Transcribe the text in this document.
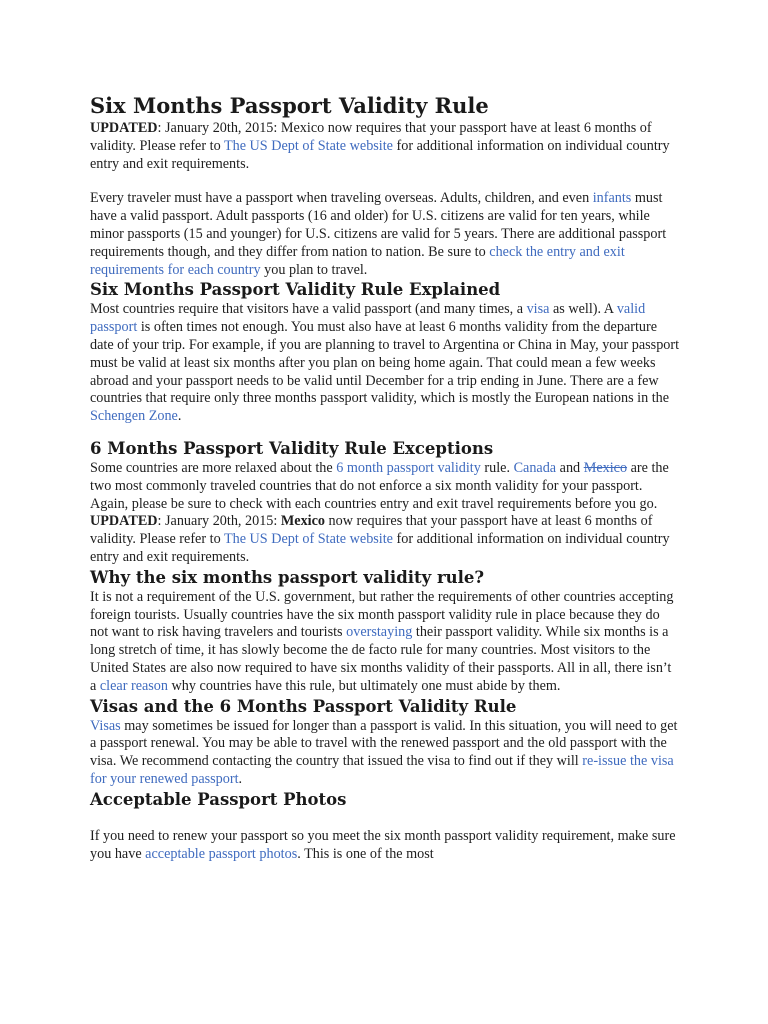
Six Months Passport Validity Rule

UPDATED: January 20th, 2015: Mexico now requires that your passport have at least 6 months of validity. Please refer to The US Dept of State website for additional information on individual country entry and exit requirements.

Every traveler must have a passport when traveling overseas. Adults, children, and even infants must have a valid passport. Adult passports (16 and older) for U.S. citizens are valid for ten years, while minor passports (15 and younger) for U.S. citizens are valid for 5 years. There are additional passport requirements though, and they differ from nation to nation. Be sure to check the entry and exit requirements for each country you plan to travel.

Six Months Passport Validity Rule Explained

Most countries require that visitors have a valid passport (and many times, a visa as well). A valid passport is often times not enough. You must also have at least 6 months validity from the departure date of your trip. For example, if you are planning to travel to Argentina or China in May, your passport must be valid at least six months after you plan on being home again. That could mean a few weeks abroad and your passport needs to be valid until December for a trip ending in June. There are a few countries that require only three months passport validity, which is mostly the European nations in the Schengen Zone.

6 Months Passport Validity Rule Exceptions

Some countries are more relaxed about the 6 month passport validity rule. Canada and Mexico are the two most commonly traveled countries that do not enforce a six month validity for your passport. Again, please be sure to check with each countries entry and exit travel requirements before you go.

UPDATED: January 20th, 2015: Mexico now requires that your passport have at least 6 months of validity. Please refer to The US Dept of State website for additional information on individual country entry and exit requirements.

Why the six months passport validity rule?

It is not a requirement of the U.S. government, but rather the requirements of other countries accepting foreign tourists. Usually countries have the six month passport validity rule in place because they do not want to risk having travelers and tourists overstaying their passport validity. While six months is a long stretch of time, it has slowly become the de facto rule for many countries. Most visitors to the United States are also now required to have six months validity of their passports. All in all, there isn’t a clear reason why countries have this rule, but ultimately one must abide by them.

Visas and the 6 Months Passport Validity Rule

Visas may sometimes be issued for longer than a passport is valid. In this situation, you will need to get a passport renewal. You may be able to travel with the renewed passport and the old passport with the visa. We recommend contacting the country that issued the visa to find out if they will re-issue the visa for your renewed passport.

Acceptable Passport Photos

If you need to renew your passport so you meet the six month passport validity requirement, make sure you have acceptable passport photos. This is one of the most
